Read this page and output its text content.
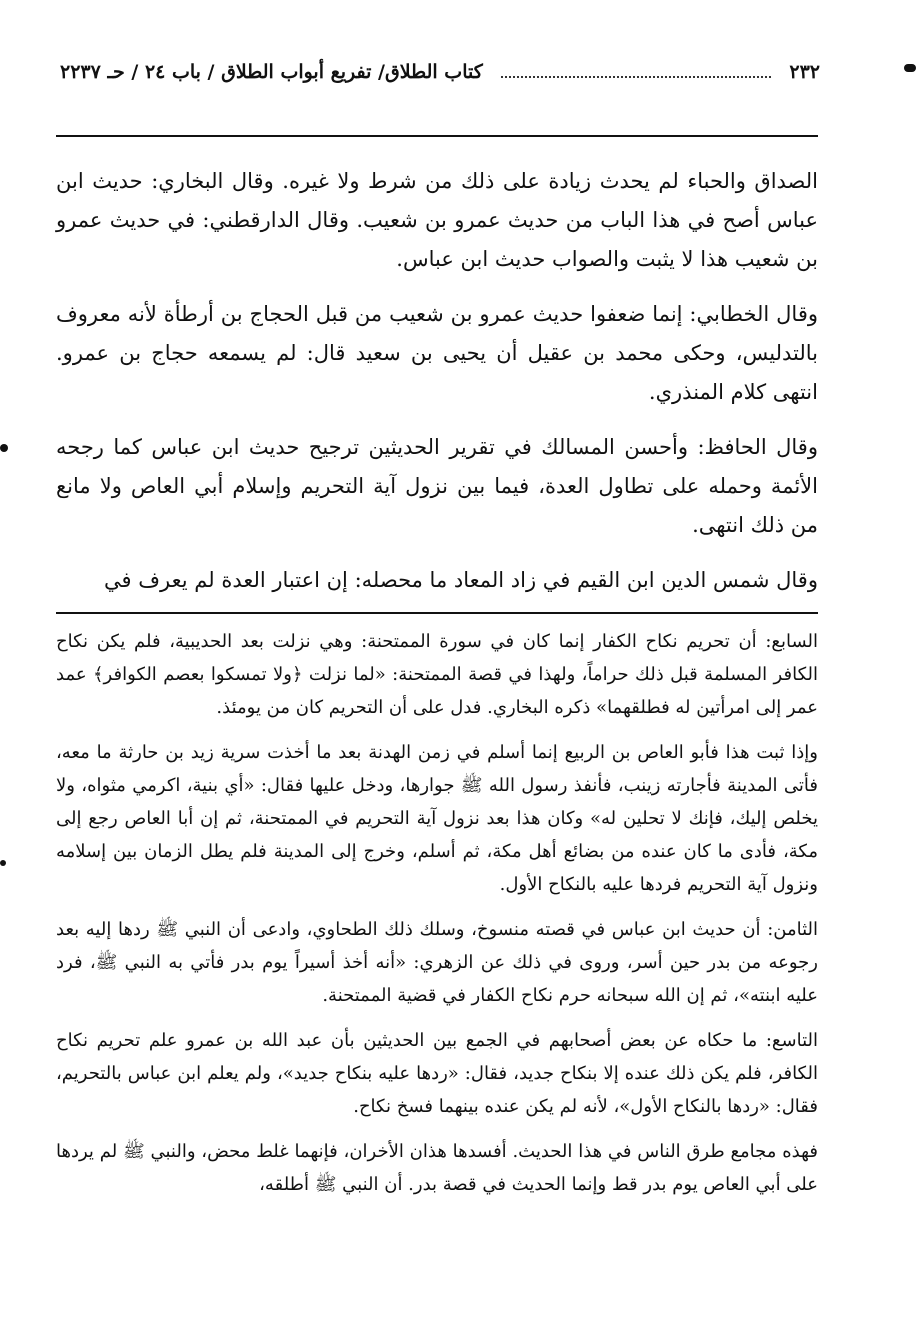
٢٣٢
كتاب الطلاق/ تفريع أبواب الطلاق / باب ٢٤ / حـ ٢٢٣٧

الصداق والحباء لم يحدث زيادة على ذلك من شرط ولا غيره. وقال البخاري: حديث ابن عباس أصح في هذا الباب من حديث عمرو بن شعيب. وقال الدارقطني: في حديث عمرو بن شعيب هذا لا يثبت والصواب حديث ابن عباس.

وقال الخطابي: إنما ضعفوا حديث عمرو بن شعيب من قبل الحجاج بن أرطأة لأنه معروف بالتدليس، وحكى محمد بن عقيل أن يحيى بن سعيد قال: لم يسمعه حجاج بن عمرو. انتهى كلام المنذري.

وقال الحافظ: وأحسن المسالك في تقرير الحديثين ترجيح حديث ابن عباس كما رجحه الأئمة وحمله على تطاول العدة، فيما بين نزول آية التحريم وإسلام أبي العاص ولا مانع من ذلك انتهى.

وقال شمس الدين ابن القيم في زاد المعاد ما محصله: إن اعتبار العدة لم يعرف في

السابع: أن تحريم نكاح الكفار إنما كان في سورة الممتحنة: وهي نزلت بعد الحديبية، فلم يكن نكاح الكافر المسلمة قبل ذلك حراماً، ولهذا في قصة الممتحنة: «لما نزلت ﴿ولا تمسكوا بعصم الكوافر﴾ عمد عمر إلى امرأتين له فطلقهما» ذكره البخاري. فدل على أن التحريم كان من يومئذ.

وإذا ثبت هذا فأبو العاص بن الربيع إنما أسلم في زمن الهدنة بعد ما أخذت سرية زيد بن حارثة ما معه، فأتى المدينة فأجارته زينب، فأنفذ رسول الله ﷺ جوارها، ودخل عليها فقال: «أي بنية، اكرمي مثواه، ولا يخلص إليك، فإنك لا تحلين له» وكان هذا بعد نزول آية التحريم في الممتحنة، ثم إن أبا العاص رجع إلى مكة، فأدى ما كان عنده من بضائع أهل مكة، ثم أسلم، وخرج إلى المدينة فلم يطل الزمان بين إسلامه ونزول آية التحريم فردها عليه بالنكاح الأول.

الثامن: أن حديث ابن عباس في قصته منسوخ، وسلك ذلك الطحاوي، وادعى أن النبي ﷺ ردها إليه بعد رجوعه من بدر حين أسر، وروى في ذلك عن الزهري: «أنه أخذ أسيراً يوم بدر فأتي به النبي ﷺ، فرد عليه ابنته»، ثم إن الله سبحانه حرم نكاح الكفار في قضية الممتحنة.

التاسع: ما حكاه عن بعض أصحابهم في الجمع بين الحديثين بأن عبد الله بن عمرو علم تحريم نكاح الكافر، فلم يكن ذلك عنده إلا بنكاح جديد، فقال: «ردها عليه بنكاح جديد»، ولم يعلم ابن عباس بالتحريم، فقال: «ردها بالنكاح الأول»، لأنه لم يكن عنده بينهما فسخ نكاح.

فهذه مجامع طرق الناس في هذا الحديث. أفسدها هذان الأخران، فإنهما غلط محض، والنبي ﷺ لم يردها على أبي العاص يوم بدر قط وإنما الحديث في قصة بدر. أن النبي ﷺ أطلقه،
